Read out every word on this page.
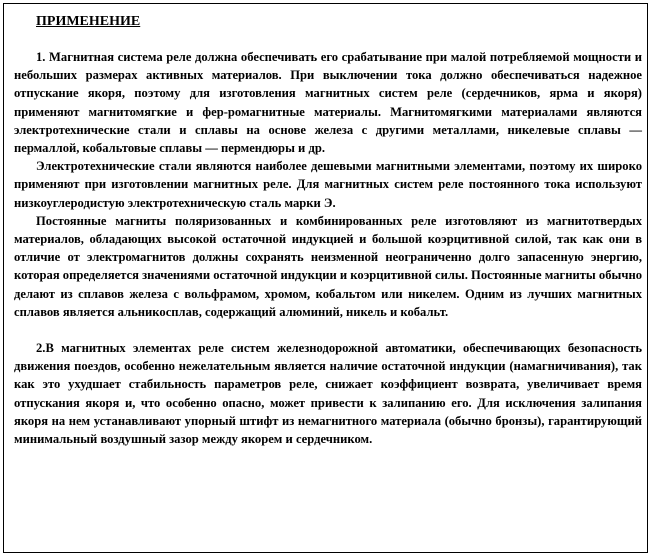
ПРИМЕНЕНИЕ

1. Магнитная система реле должна обеспечивать его срабатывание при малой потребляемой мощности и небольших размерах активных материалов. При выключении тока должно обеспечиваться надежное отпускание якоря, поэтому для изготовления магнитных систем реле (сердечников, ярма и якоря) применяют магнитомягкие и фер-ромагнитные материалы. Магнитомягкими материалами являются электротехнические стали и сплавы на основе железа с другими металлами, никелевые сплавы — пермаллой, кобальтовые сплавы — пермендюры и др.

Электротехнические стали являются наиболее дешевыми магнитными элементами, поэтому их широко применяют при изготовлении магнитных реле. Для магнитных систем реле постоянного тока используют низкоуглеродистую электротехническую сталь марки Э.

Постоянные магниты поляризованных и комбинированных реле изготовляют из магнитотвердых материалов, обладающих высокой остаточной индукцией и большой коэрцитивной силой, так как они в отличие от электромагнитов должны сохранять неизменной неограниченно долго запасенную энергию, которая определяется значениями остаточной индукции и коэрцитивной силы. Постоянные магниты обычно делают из сплавов железа с вольфрамом, хромом, кобальтом или никелем. Одним из лучших магнитных сплавов является альникосплав, содержащий алюминий, никель и кобальт.

2.В магнитных элементах реле систем железнодорожной автоматики, обеспечивающих безопасность движения поездов, особенно нежелательным является наличие остаточной индукции (намагничивания), так как это ухудшает стабильность параметров реле, снижает коэффициент возврата, увеличивает время отпускания якоря и, что особенно опасно, может привести к залипанию его. Для исключения залипания якоря на нем устанавливают упорный штифт из немагнитного материала (обычно бронзы), гарантирующий минимальный воздушный зазор между якорем и сердечником.
